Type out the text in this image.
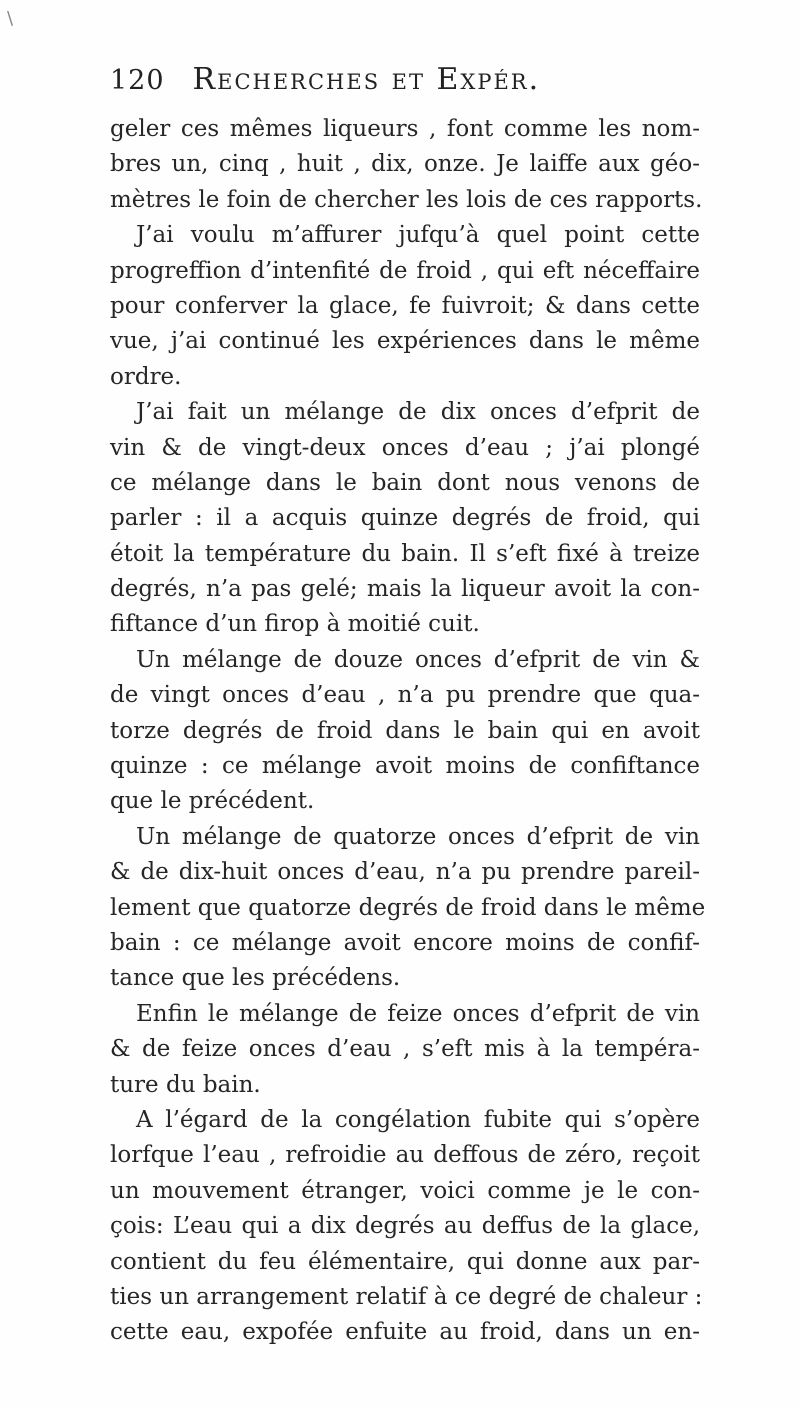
\
120 Recherches et Expér.
geler ces mêmes liqueurs , font comme les nom-
bres un, cinq , huit , dix, onze. Je laiffe aux géo-
mètres le foin de chercher les lois de ces rapports.
J’ai voulu m’affurer jufqu’à quel point cette
progreffion d’intenfité de froid , qui eft néceffaire
pour conferver la glace, fe fuivroit; & dans cette
vue, j’ai continué les expériences dans le même
ordre.
J’ai fait un mélange de dix onces d’efprit de
vin & de vingt-deux onces d’eau ; j’ai plongé
ce mélange dans le bain dont nous venons de
parler : il a acquis quinze degrés de froid, qui
étoit la température du bain. Il s’eft fixé à treize
degrés, n’a pas gelé; mais la liqueur avoit la con-
fiftance d’un firop à moitié cuit.
Un mélange de douze onces d’efprit de vin &
de vingt onces d’eau , n’a pu prendre que qua-
torze degrés de froid dans le bain qui en avoit
quinze : ce mélange avoit moins de confiftance
que le précédent.
Un mélange de quatorze onces d’efprit de vin
& de dix-huit onces d’eau, n’a pu prendre pareil-
lement que quatorze degrés de froid dans le même
bain : ce mélange avoit encore moins de confif-
tance que les précédens.
Enfin le mélange de feize onces d’efprit de vin
& de feize onces d’eau , s’eft mis à la tempéra-
ture du bain.
A l’égard de la congélation fubite qui s’opère
lorfque l’eau , refroidie au deffous de zéro, reçoit
un mouvement étranger, voici comme je le con-
çois: L’eau qui a dix degrés au deffus de la glace,
contient du feu élémentaire, qui donne aux par-
ties un arrangement relatif à ce degré de chaleur :
cette eau, expofée enfuite au froid, dans un en-
